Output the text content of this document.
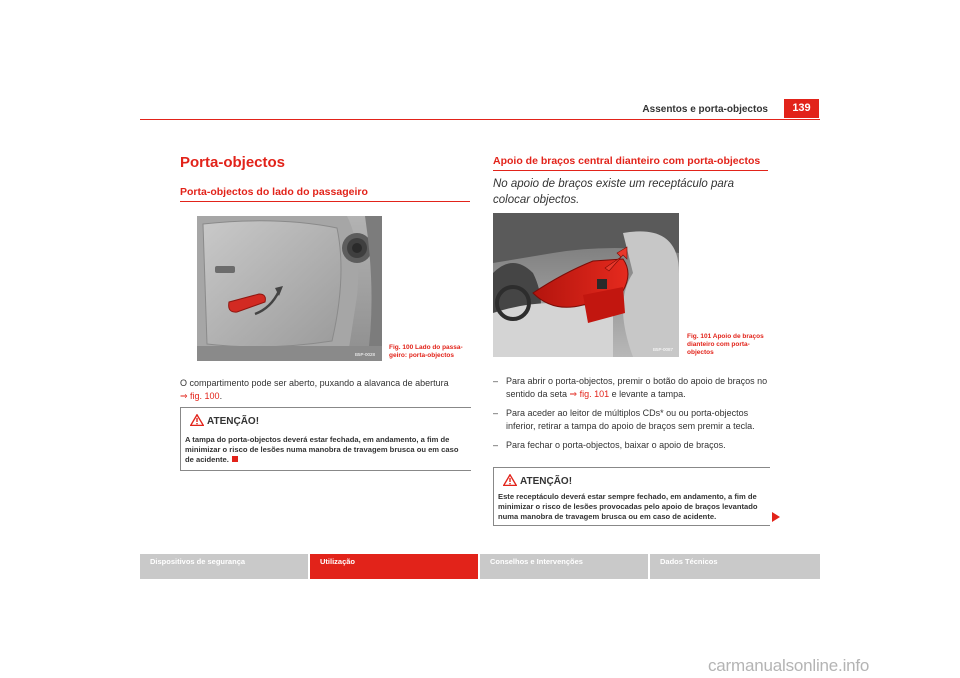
Assentos e porta-objectos	139
Porta-objectos
Porta-objectos do lado do passageiro
B5P-0028
Fig. 100 Lado do passa-geiro: porta-objectos
O compartimento pode ser aberto, puxando a alavanca de abertura
⇒ fig. 100.
ATENÇÃO!
A tampa do porta-objectos deverá estar fechada, em andamento, a fim de minimizar o risco de lesões numa manobra de travagem brusca ou em caso de acidente.
Apoio de braços central dianteiro com porta-objectos
No apoio de braços existe um receptáculo para colocar objectos.
B5P-0087
Fig. 101 Apoio de braços dianteiro com porta-objectos
– Para abrir o porta-objectos, premir o botão do apoio de braços no sentido da seta ⇒ fig. 101 e levante a tampa.
– Para aceder ao leitor de múltiplos CDs* ou ou porta-objectos inferior, retirar a tampa do apoio de braços sem premir a tecla.
– Para fechar o porta-objectos, baixar o apoio de braços.
ATENÇÃO!
Este receptáculo deverá estar sempre fechado, em andamento, a fim de minimizar o risco de lesões provocadas pelo apoio de braços levantado numa manobra de travagem brusca ou em caso de acidente.
Dispositivos de segurança	Utilização	Conselhos e Intervenções	Dados Técnicos
carmanualsonline.info
